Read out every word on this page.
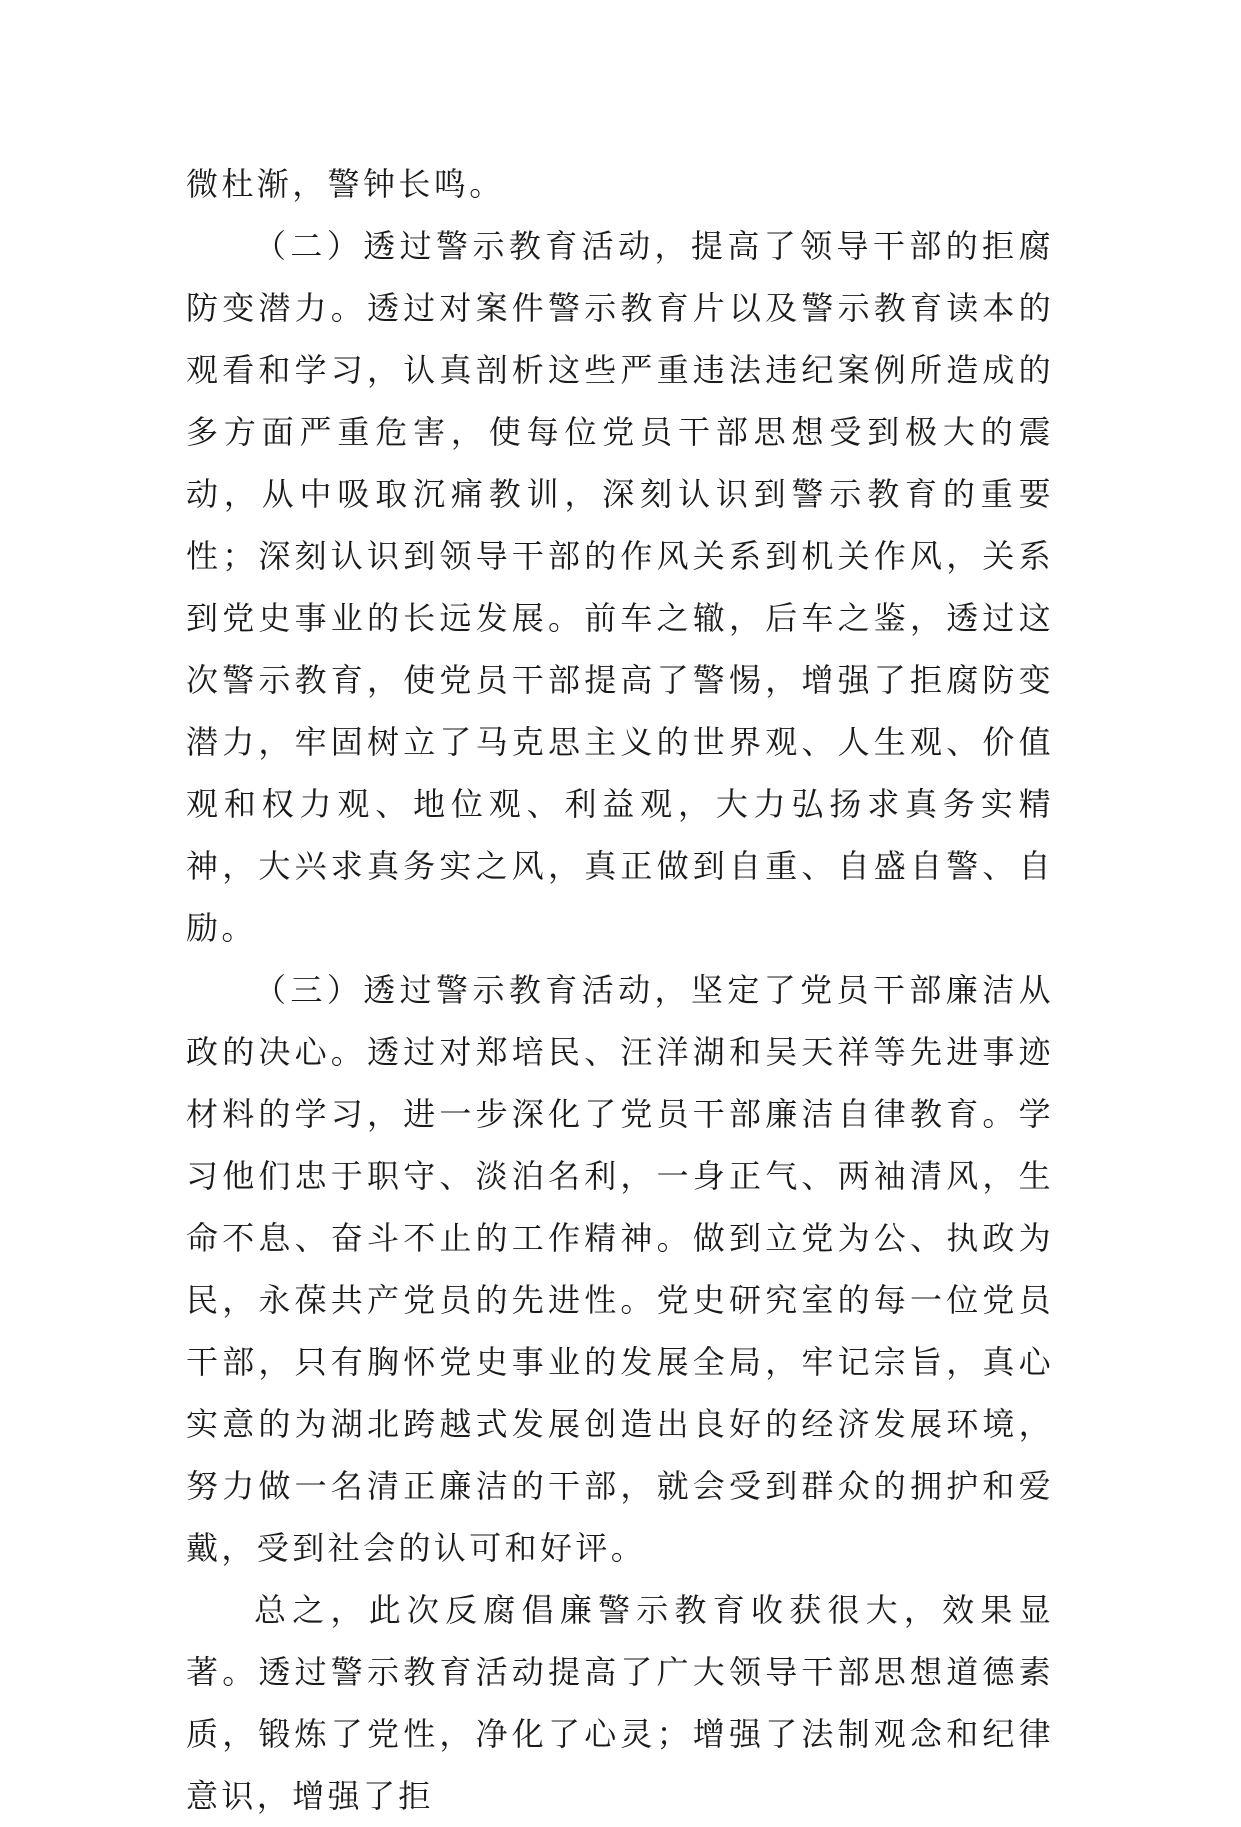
微杜渐，警钟长鸣。

（二）透过警示教育活动，提高了领导干部的拒腐防变潜力。透过对案件警示教育片以及警示教育读本的观看和学习，认真剖析这些严重违法违纪案例所造成的多方面严重危害，使每位党员干部思想受到极大的震动，从中吸取沉痛教训，深刻认识到警示教育的重要性；深刻认识到领导干部的作风关系到机关作风，关系到党史事业的长远发展。前车之辙，后车之鉴，透过这次警示教育，使党员干部提高了警惕，增强了拒腐防变潜力，牢固树立了马克思主义的世界观、人生观、价值观和权力观、地位观、利益观，大力弘扬求真务实精神，大兴求真务实之风，真正做到自重、自盛自警、自励。

（三）透过警示教育活动，坚定了党员干部廉洁从政的决心。透过对郑培民、汪洋湖和吴天祥等先进事迹材料的学习，进一步深化了党员干部廉洁自律教育。学习他们忠于职守、淡泊名利，一身正气、两袖清风，生命不息、奋斗不止的工作精神。做到立党为公、执政为民，永葆共产党员的先进性。党史研究室的每一位党员干部，只有胸怀党史事业的发展全局，牢记宗旨，真心实意的为湖北跨越式发展创造出良好的经济发展环境，努力做一名清正廉洁的干部，就会受到群众的拥护和爱戴，受到社会的认可和好评。

总之，此次反腐倡廉警示教育收获很大，效果显著。透过警示教育活动提高了广大领导干部思想道德素质，锻炼了党性，净化了心灵；增强了法制观念和纪律意识，增强了拒
